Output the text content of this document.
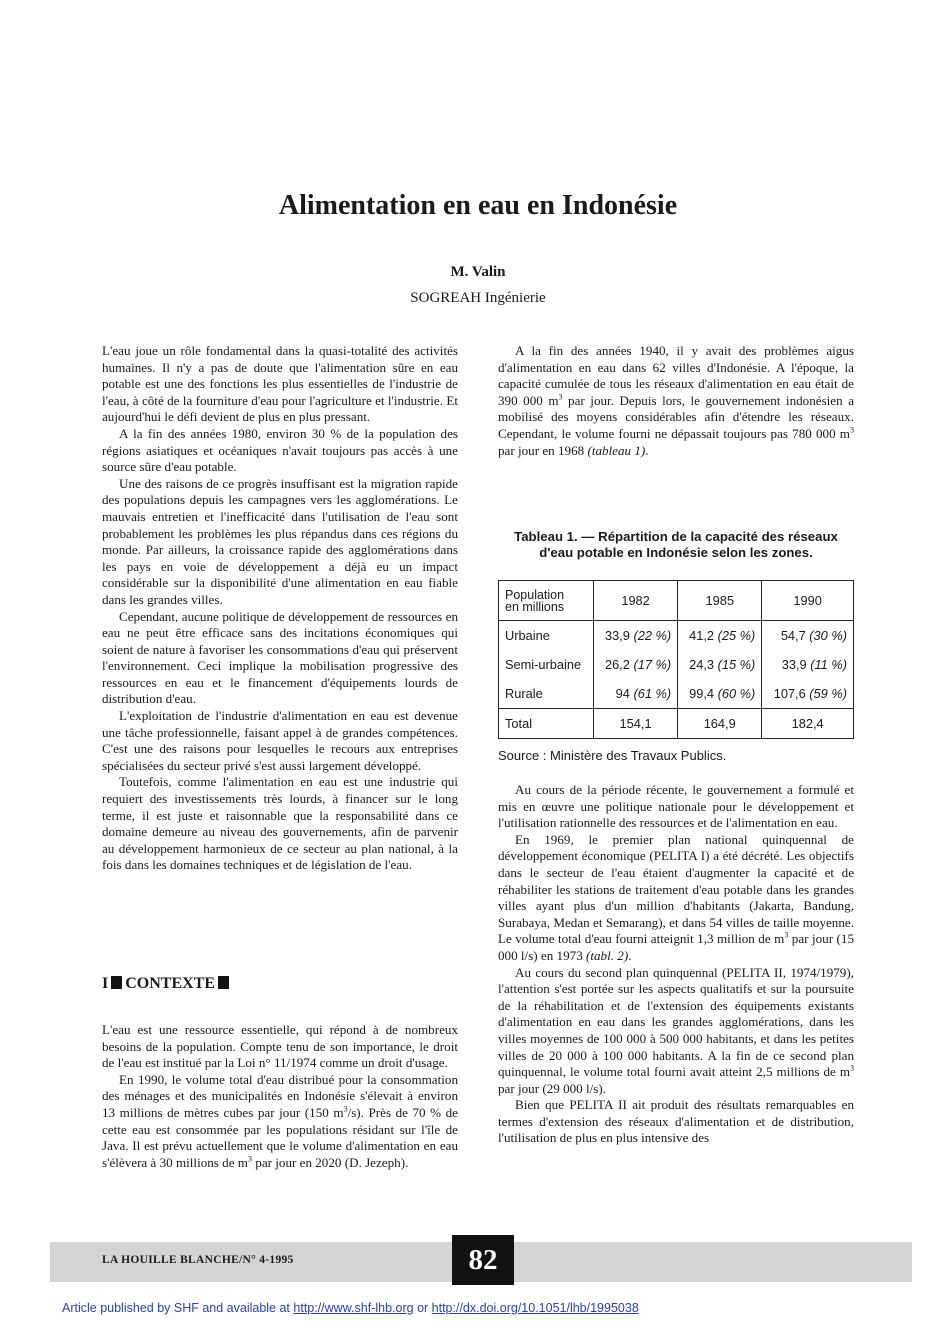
Alimentation en eau en Indonésie
M. Valin
SOGREAH Ingénierie

L'eau joue un rôle fondamental dans la quasi-totalité des activités humaines. Il n'y a pas de doute que l'alimentation sûre en eau potable est une des fonctions les plus essentielles de l'industrie de l'eau, à côté de la fourniture d'eau pour l'agriculture et l'industrie. Et aujourd'hui le défi devient de plus en plus pressant.

A la fin des années 1980, environ 30 % de la population des régions asiatiques et océaniques n'avait toujours pas accès à une source sûre d'eau potable.

Une des raisons de ce progrès insuffisant est la migration rapide des populations depuis les campagnes vers les agglomérations. Le mauvais entretien et l'inefficacité dans l'utilisation de l'eau sont probablement les problèmes les plus répandus dans ces régions du monde. Par ailleurs, la croissance rapide des agglomérations dans les pays en voie de développement a déjà eu un impact considérable sur la disponibilité d'une alimentation en eau fiable dans les grandes villes.

Cependant, aucune politique de développement de ressources en eau ne peut être efficace sans des incitations économiques qui soient de nature à favoriser les consommations d'eau qui préservent l'environnement. Ceci implique la mobilisation progressive des ressources en eau et le financement d'équipements lourds de distribution d'eau.

L'exploitation de l'industrie d'alimentation en eau est devenue une tâche professionnelle, faisant appel à de grandes compétences. C'est une des raisons pour lesquelles le recours aux entreprises spécialisées du secteur privé s'est aussi largement développé.

Toutefois, comme l'alimentation en eau est une industrie qui requiert des investissements très lourds, à financer sur le long terme, il est juste et raisonnable que la responsabilité dans ce domaine demeure au niveau des gouvernements, afin de parvenir au développement harmonieux de ce secteur au plan national, à la fois dans les domaines techniques et de législation de l'eau.

I CONTEXTE

L'eau est une ressource essentielle, qui répond à de nombreux besoins de la population. Compte tenu de son importance, le droit de l'eau est institué par la Loi n° 11/1974 comme un droit d'usage.

En 1990, le volume total d'eau distribué pour la consommation des ménages et des municipalités en Indonésie s'élevait à environ 13 millions de mètres cubes par jour (150 $m^3/s$). Près de 70 % de cette eau est consommée par les populations résidant sur l'île de Java. Il est prévu actuellement que le volume d'alimentation en eau s'élèvera à 30 millions de $m^3$ par jour en 2020 (D. Jezeph).

A la fin des années 1940, il y avait des problèmes aigus d'alimentation en eau dans 62 villes d'Indonésie. A l'époque, la capacité cumulée de tous les réseaux d'alimentation en eau était de 390 000 $m^3$ par jour. Depuis lors, le gouvernement indonésien a mobilisé des moyens considérables afin d'étendre les réseaux. Cependant, le volume fourni ne dépassait toujours pas 780 000 $m^3$ par jour en 1968 (tableau 1).

Tableau 1. — Répartition de la capacité des réseaux
d'eau potable en Indonésie selon les zones.
Population
en millions	1982	1985	1990
Urbaine	33,9 (22 %)	41,2 (25 %)	54,7 (30 %)
Semi-urbaine	26,2 (17 %)	24,3 (15 %)	33,9 (11 %)
Rurale	94 (61 %)	99,4 (60 %)	107,6 (59 %)
Total	154,1	164,9	182,4
Source : Ministère des Travaux Publics.

Au cours de la période récente, le gouvernement a formulé et mis en œuvre une politique nationale pour le développement et l'utilisation rationnelle des ressources et de l'alimentation en eau.

En 1969, le premier plan national quinquennal de développement économique (PELITA I) a été décrété. Les objectifs dans le secteur de l'eau étaient d'augmenter la capacité et de réhabiliter les stations de traitement d'eau potable dans les grandes villes ayant plus d'un million d'habitants (Jakarta, Bandung, Surabaya, Medan et Semarang), et dans 54 villes de taille moyenne. Le volume total d'eau fourni atteignit 1,3 million de $m^3$ par jour (15 000 l/s) en 1973 (tabl. 2).

Au cours du second plan quinquennal (PELITA II, 1974/1979), l'attention s'est portée sur les aspects qualitatifs et sur la poursuite de la réhabilitation et de l'extension des équipements existants d'alimentation en eau dans les grandes agglomérations, dans les villes moyennes de 100 000 à 500 000 habitants, et dans les petites villes de 20 000 à 100 000 habitants. A la fin de ce second plan quinquennal, le volume total fourni avait atteint 2,5 millions de $m^3$ par jour (29 000 l/s).

Bien que PELITA II ait produit des résultats remarquables en termes d'extension des réseaux d'alimentation et de distribution, l'utilisation de plus en plus intensive des

LA HOUILLE BLANCHE/N° 4-1995	82
Article published by SHF and available at http://www.shf-lhb.org or http://dx.doi.org/10.1051/lhb/1995038
